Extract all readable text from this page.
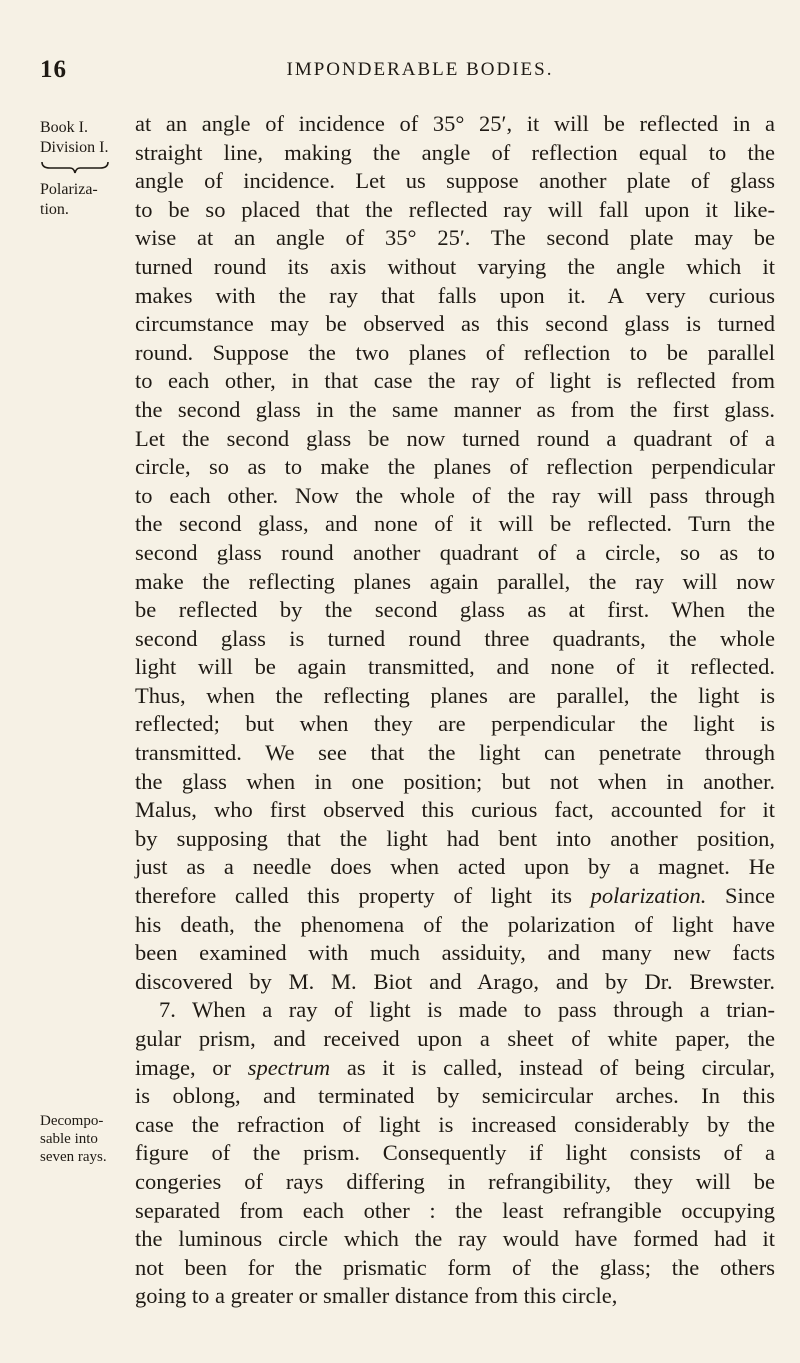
16	IMPONDERABLE BODIES.
Book I.
Division I.
Polariza-
tion.
Decompo-
sable into
seven rays.
at an angle of incidence of 35° 25′, it will be reflected in a
straight line, making the angle of reflection equal to the
angle of incidence. Let us suppose another plate of glass
to be so placed that the reflected ray will fall upon it like-
wise at an angle of 35° 25′. The second plate may be
turned round its axis without varying the angle which it
makes with the ray that falls upon it. A very curious
circumstance may be observed as this second glass is turned
round. Suppose the two planes of reflection to be parallel
to each other, in that case the ray of light is reflected from
the second glass in the same manner as from the first glass.
Let the second glass be now turned round a quadrant of a
circle, so as to make the planes of reflection perpendicular
to each other. Now the whole of the ray will pass through
the second glass, and none of it will be reflected. Turn the
second glass round another quadrant of a circle, so as to
make the reflecting planes again parallel, the ray will now
be reflected by the second glass as at first. When the
second glass is turned round three quadrants, the whole
light will be again transmitted, and none of it reflected.
Thus, when the reflecting planes are parallel, the light is
reflected; but when they are perpendicular the light is
transmitted. We see that the light can penetrate through
the glass when in one position; but not when in another.
Malus, who first observed this curious fact, accounted for it
by supposing that the light had bent into another position,
just as a needle does when acted upon by a magnet. He
therefore called this property of light its polarization. Since
his death, the phenomena of the polarization of light have
been examined with much assiduity, and many new facts
discovered by M. M. Biot and Arago, and by Dr. Brewster.
7. When a ray of light is made to pass through a trian-
gular prism, and received upon a sheet of white paper, the
image, or spectrum as it is called, instead of being circular,
is oblong, and terminated by semicircular arches. In this
case the refraction of light is increased considerably by the
figure of the prism. Consequently if light consists of a
congeries of rays differing in refrangibility, they will be
separated from each other : the least refrangible occupying
the luminous circle which the ray would have formed had it
not been for the prismatic form of the glass; the others
going to a greater or smaller distance from this circle,
